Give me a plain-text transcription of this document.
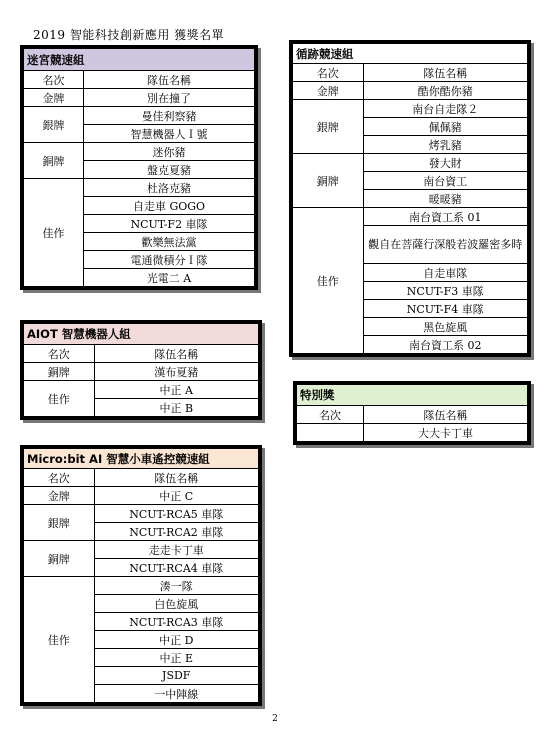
2019 智能科技創新應用 獲獎名單
迷宮競速組	
名次	隊伍名稱
金牌	別在撞了
銀牌	曼佳利察豬
	智慧機器人Ｉ號
銅牌	迷你豬
	盤克夏豬
佳作	杜洛克豬
	自走車 GOGO
	NCUT-F2 車隊
	歡樂無法黨
	電通微積分Ｉ隊
	光電二 A
循跡競速組	
名次	隊伍名稱
金牌	酷你酷你豬
銀牌	南台自走隊２
	佩佩豬
	烤乳豬
銅牌	發大財
	南台資工
	暖暖豬
佳作	南台資工系 01
	觀自在菩薩行深般若波羅密多時
	自走車隊
	NCUT-F3 車隊
	NCUT-F4 車隊
	黑色旋風
	南台資工系 02
AIOT 智慧機器人組	
名次	隊伍名稱
銅牌	漢布夏豬
佳作	中正 A
	中正 B
特別獎	
名次	隊伍名稱
	大大卡丁車
Micro:bit AI 智慧小車遙控競速組	
名次	隊伍名稱
金牌	中正 C
銀牌	NCUT-RCA5 車隊
	NCUT-RCA2 車隊
銅牌	走走卡丁車
	NCUT-RCA4 車隊
佳作	湊一隊
	白色旋風
	NCUT-RCA3 車隊
	中正 D
	中正 E
	JSDF
	一中陣線
2
